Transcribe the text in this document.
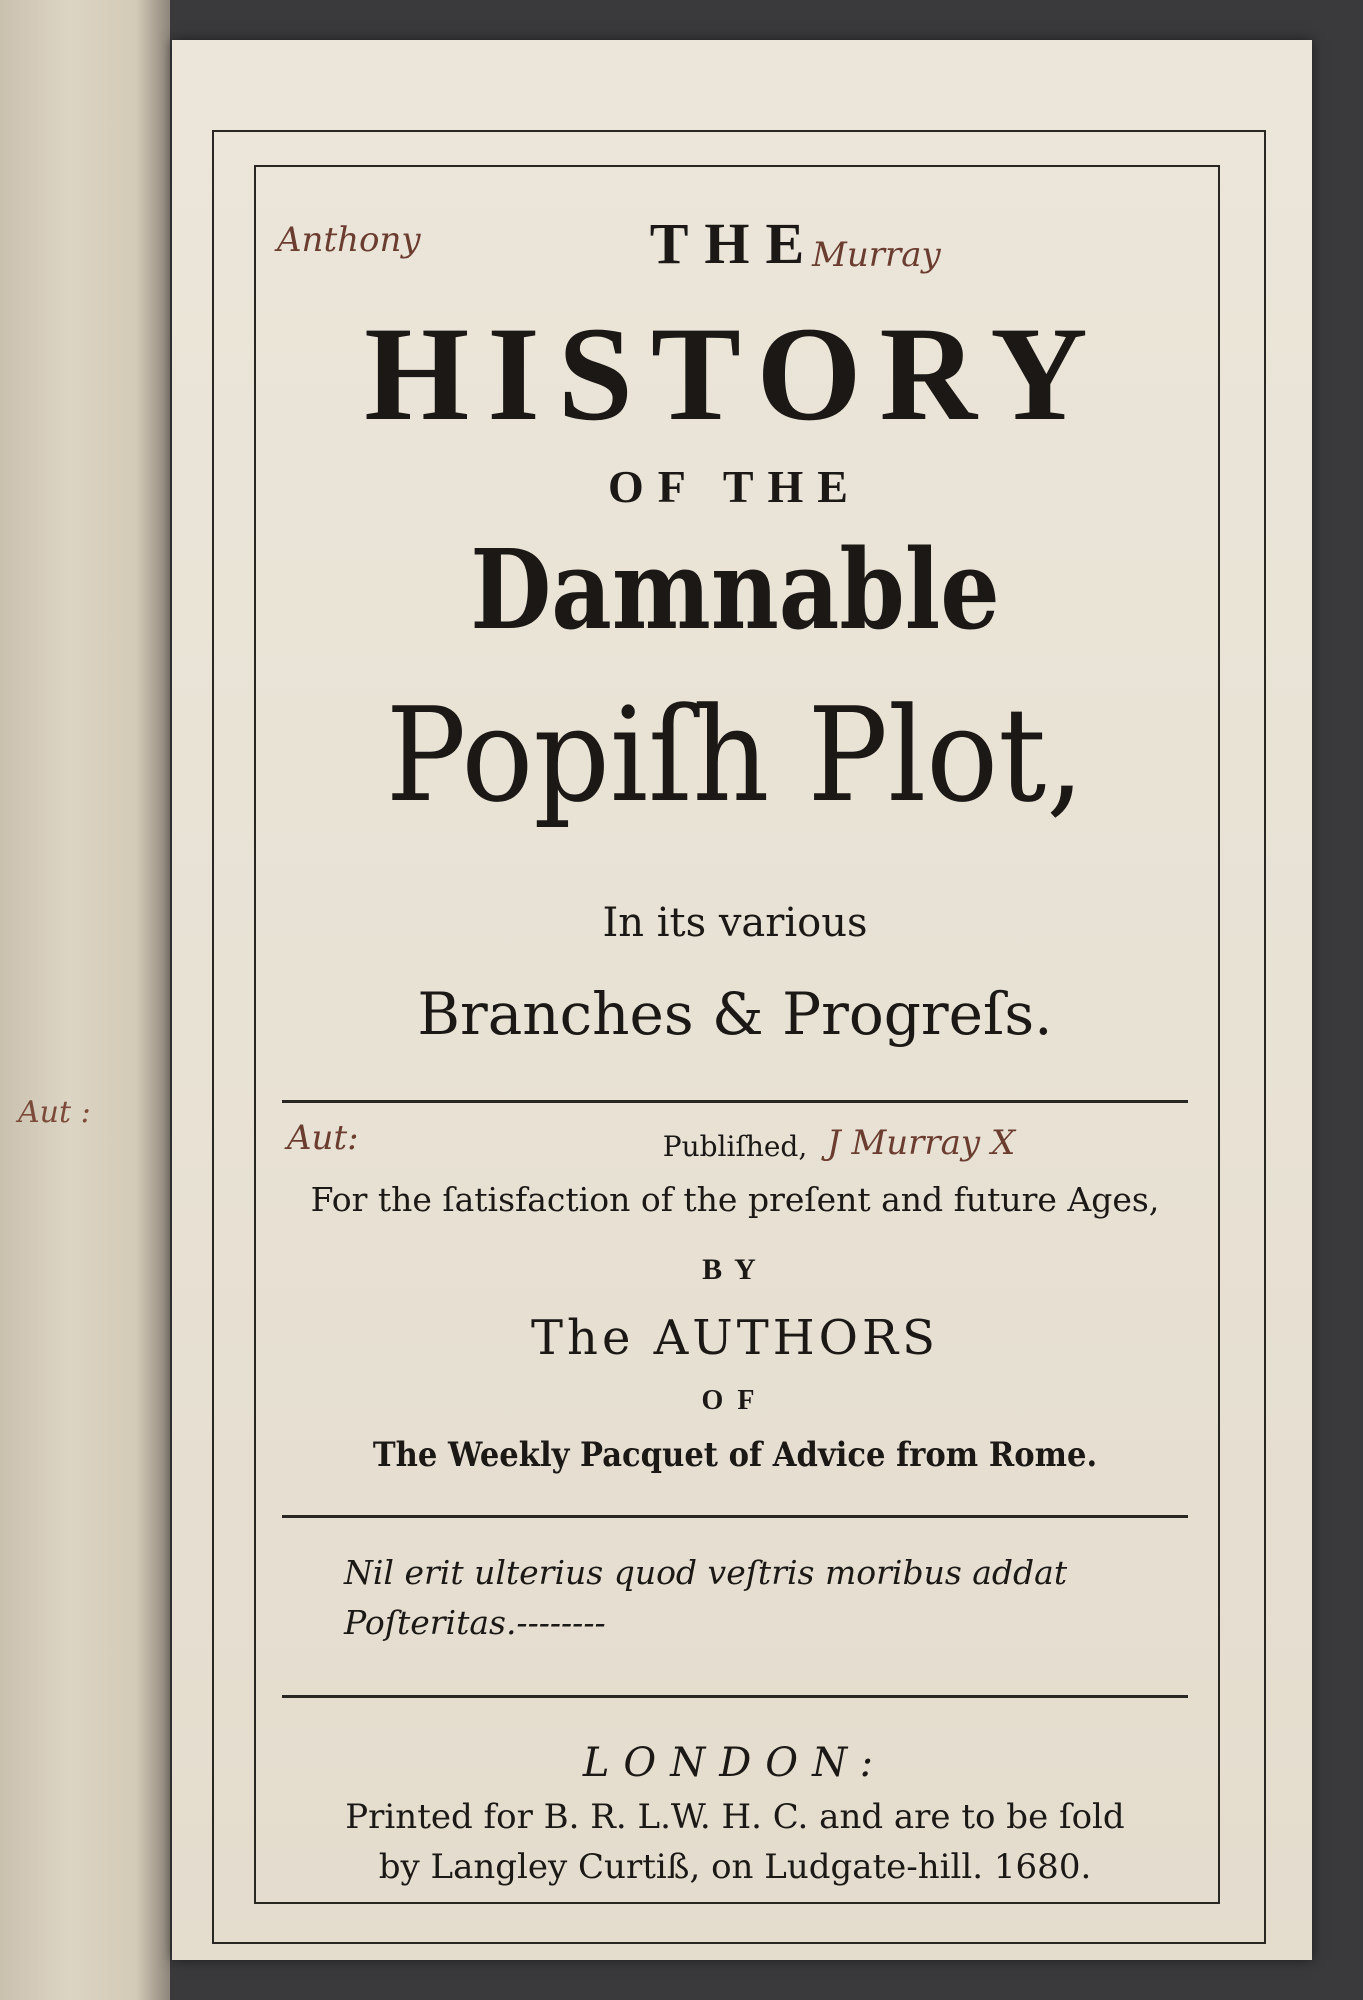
Aut :
Anthony	Murray
THE
HISTORY
OF THE
Damnable
Popiſh Plot,
In its various
Branches & Progreſs.
Aut:	J Murray X
Publiſhed,
For the ſatisfaction of the preſent and future Ages,
BY
The AUTHORS
OF
The Weekly Pacquet of Advice from Rome.
Nil erit ulterius quod veſtris moribus addat
Poſteritas.--------
LONDON:
Printed for B. R. L.W. H. C. and are to be ſold
by Langley Curtiß, on Ludgate-hill. 1680.
